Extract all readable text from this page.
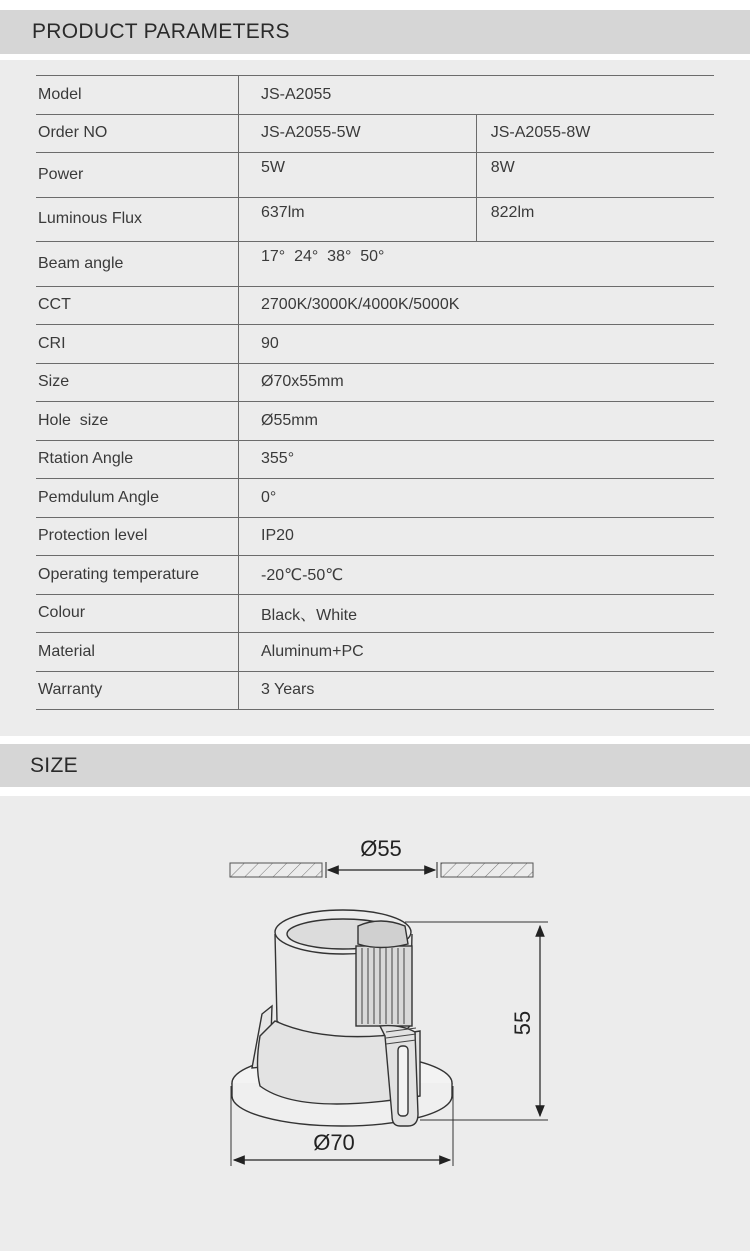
PRODUCT PARAMETERS
Model	JS-A2055	
Order NO	JS-A2055-5W	JS-A2055-8W
Power	5W	8W
Luminous Flux	637lm	822lm
Beam angle	17°  24°  38°  50°	
CCT	2700K/3000K/4000K/5000K	
CRI	90	
Size	Ø70x55mm	
Hole  size	Ø55mm	
Rtation Angle	355°	
Pemdulum Angle	0°	
Protection level	IP20	
Operating temperature	-20℃-50℃	
Colour	Black、White	
Material	Aluminum+PC	
Warranty	3 Years	
SIZE
Ø55
55
Ø70
